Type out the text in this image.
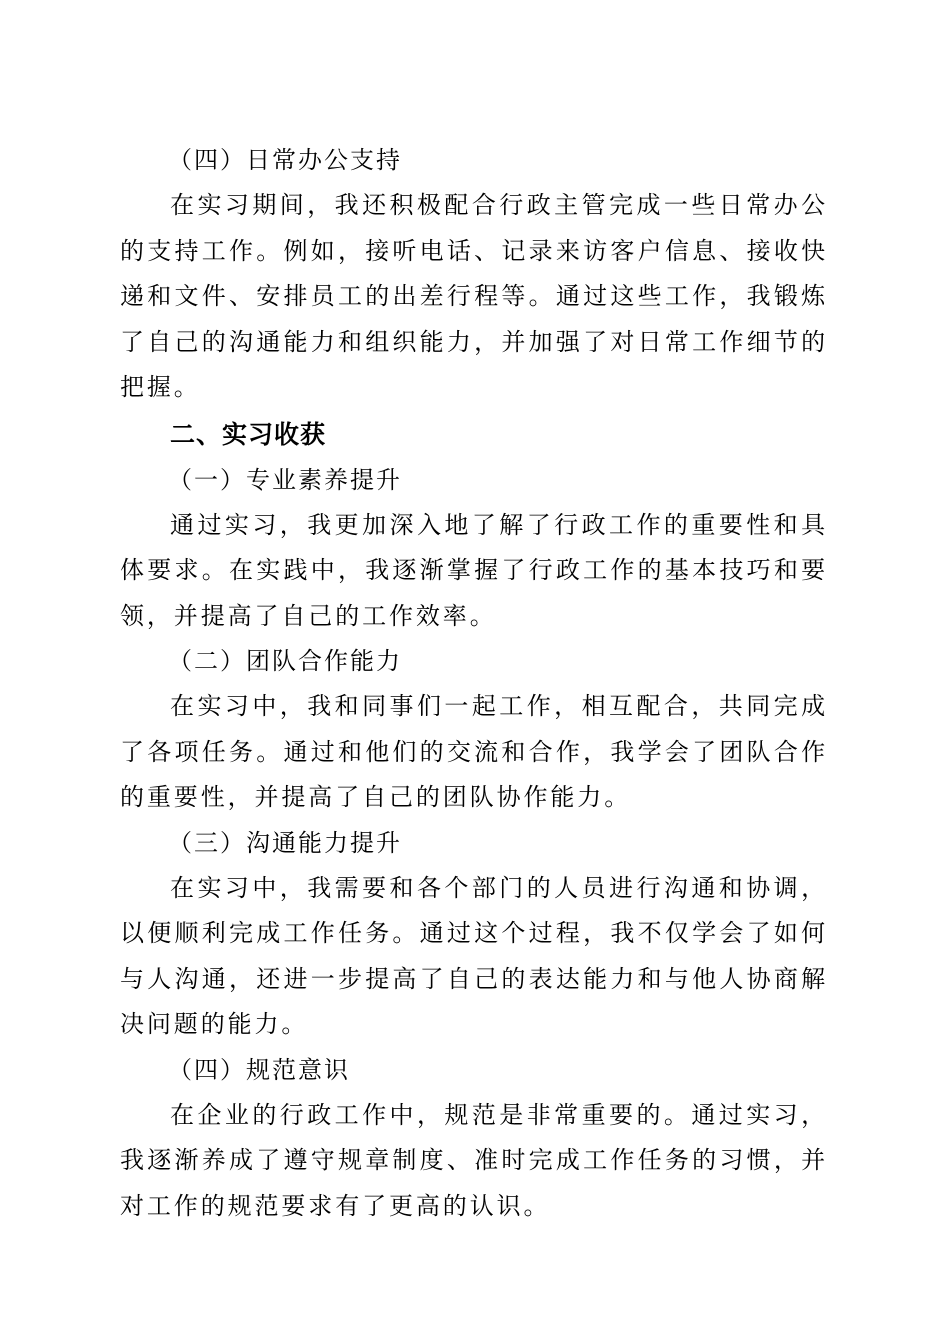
（四）日常办公支持

在实习期间，我还积极配合行政主管完成一些日常办公的支持工作。例如，接听电话、记录来访客户信息、接收快递和文件、安排员工的出差行程等。通过这些工作，我锻炼了自己的沟通能力和组织能力，并加强了对日常工作细节的把握。

二、实习收获
（一）专业素养提升

通过实习，我更加深入地了解了行政工作的重要性和具体要求。在实践中，我逐渐掌握了行政工作的基本技巧和要领，并提高了自己的工作效率。

（二）团队合作能力

在实习中，我和同事们一起工作，相互配合，共同完成了各项任务。通过和他们的交流和合作，我学会了团队合作的重要性，并提高了自己的团队协作能力。

（三）沟通能力提升

在实习中，我需要和各个部门的人员进行沟通和协调，以便顺利完成工作任务。通过这个过程，我不仅学会了如何与人沟通，还进一步提高了自己的表达能力和与他人协商解决问题的能力。

（四）规范意识

在企业的行政工作中，规范是非常重要的。通过实习，我逐渐养成了遵守规章制度、准时完成工作任务的习惯，并对工作的规范要求有了更高的认识。
